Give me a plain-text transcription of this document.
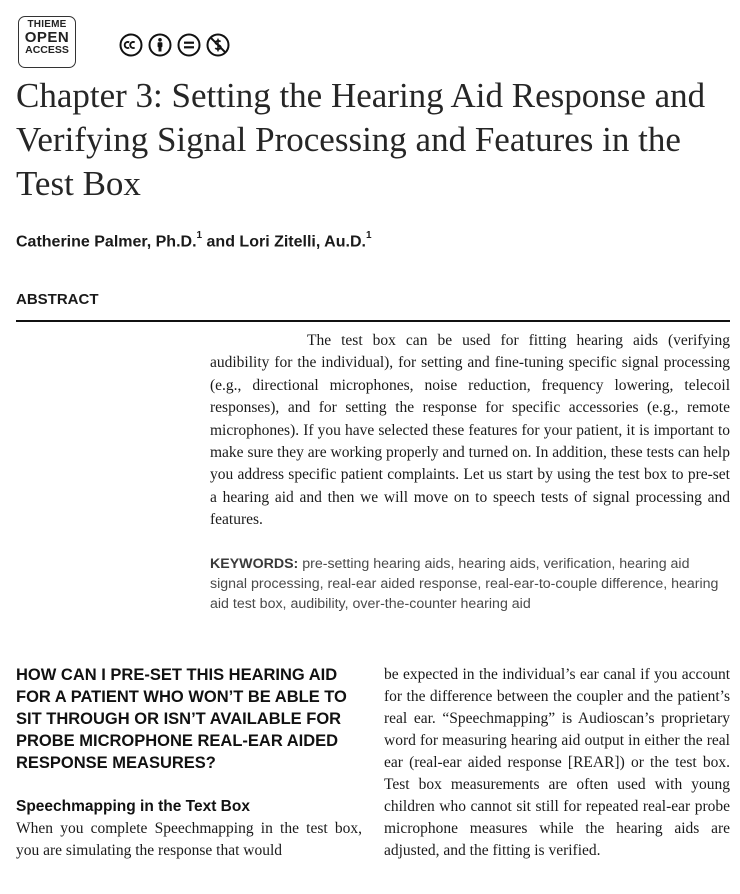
THIEME
OPEN
ACCESS
Chapter 3: Setting the Hearing Aid Response and Verifying Signal Processing and Features in the Test Box

Catherine Palmer, Ph.D.$^1$ and Lori Zitelli, Au.D.$^1$

ABSTRACT

The test box can be used for fitting hearing aids (verifying audibility for the individual), for setting and fine-tuning specific signal processing (e.g., directional microphones, noise reduction, frequency lowering, telecoil responses), and for setting the response for specific accessories (e.g., remote microphones). If you have selected these features for your patient, it is important to make sure they are working properly and turned on. In addition, these tests can help you address specific patient complaints. Let us start by using the test box to pre-set a hearing aid and then we will move on to speech tests of signal processing and features.

KEYWORDS: pre-setting hearing aids, hearing aids, verification, hearing aid signal processing, real-ear aided response, real-ear-to-couple difference, hearing aid test box, audibility, over-the-counter hearing aid

HOW CAN I PRE-SET THIS HEARING AID FOR A PATIENT WHO WON’T BE ABLE TO SIT THROUGH OR ISN’T AVAILABLE FOR PROBE MICROPHONE REAL-EAR AIDED RESPONSE MEASURES?
Speechmapping in the Text Box

When you complete Speechmapping in the test box, you are simulating the response that would

be expected in the individual’s ear canal if you account for the difference between the coupler and the patient’s real ear. “Speechmapping” is Audioscan’s proprietary word for measuring hearing aid output in either the real ear (real-ear aided response [REAR]) or the test box. Test box measurements are often used with young children who cannot sit still for repeated real-ear probe microphone measures while the hearing aids are adjusted, and the fitting is verified.
